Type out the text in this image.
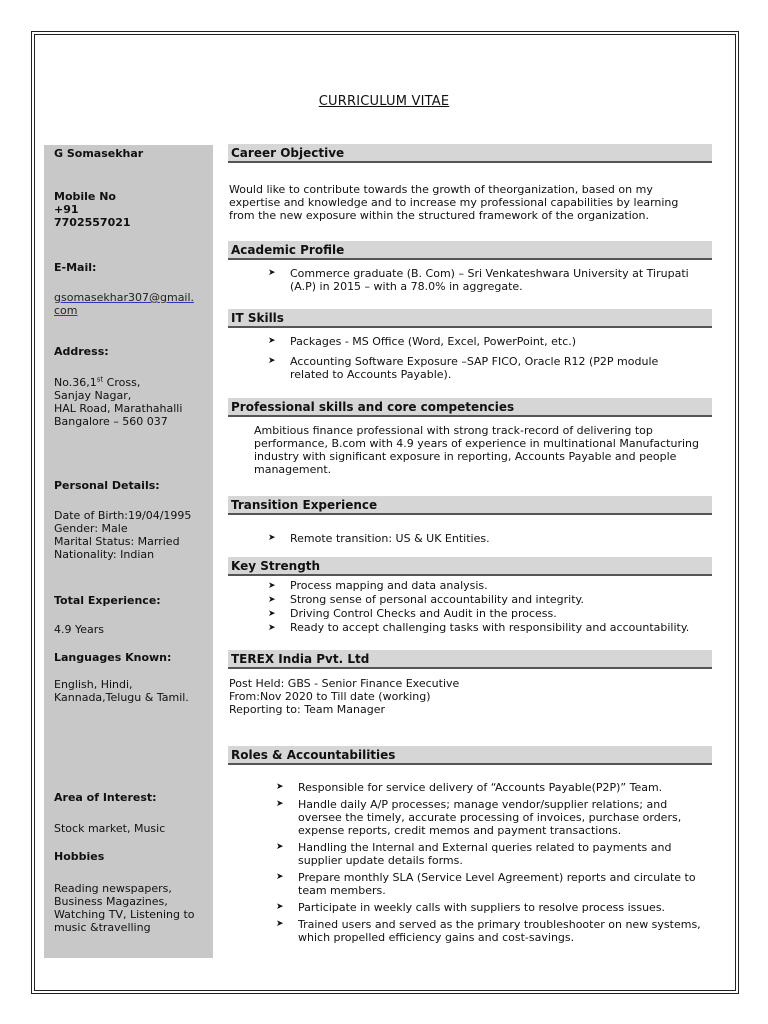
CURRICULUM VITAE
G Somasekhar
Mobile No
+91
7702557021
E-Mail:
gsomasekhar307@gmail.
com
Address:
No.36,1st Cross,
Sanjay Nagar,
HAL Road, Marathahalli
Bangalore – 560 037
Personal Details:
Date of Birth:19/04/1995
Gender: Male
Marital Status: Married
Nationality: Indian
Total Experience:
4.9 Years
Languages Known:
English, Hindi,
Kannada,Telugu & Tamil.
Area of Interest:
Stock market, Music
Hobbies
Reading newspapers,
Business Magazines,
Watching TV, Listening to
music &travelling
Career Objective
Would like to contribute towards the growth of theorganization, based on my
expertise and knowledge and to increase my professional capabilities by learning
from the new exposure within the structured framework of the organization.
Academic Profile
➤ Commerce graduate (B. Com) – Sri Venkateshwara University at Tirupati
(A.P) in 2015 – with a 78.0% in aggregate.
IT Skills
➤ Packages - MS Office (Word, Excel, PowerPoint, etc.)
➤ Accounting Software Exposure –SAP FICO, Oracle R12 (P2P module
related to Accounts Payable).
Professional skills and core competencies
Ambitious finance professional with strong track-record of delivering top
performance, B.com with 4.9 years of experience in multinational Manufacturing
industry with significant exposure in reporting, Accounts Payable and people
management.
Transition Experience
➤ Remote transition: US & UK Entities.
Key Strength
➤ Process mapping and data analysis.
➤ Strong sense of personal accountability and integrity.
➤ Driving Control Checks and Audit in the process.
➤ Ready to accept challenging tasks with responsibility and accountability.
TEREX India Pvt. Ltd
Post Held: GBS - Senior Finance Executive
From:Nov 2020 to Till date (working)
Reporting to: Team Manager
Roles & Accountabilities
➤ Responsible for service delivery of “Accounts Payable(P2P)” Team.
➤ Handle daily A/P processes; manage vendor/supplier relations; and
oversee the timely, accurate processing of invoices, purchase orders,
expense reports, credit memos and payment transactions.
➤ Handling the Internal and External queries related to payments and
supplier update details forms.
➤ Prepare monthly SLA (Service Level Agreement) reports and circulate to
team members.
➤ Participate in weekly calls with suppliers to resolve process issues.
➤ Trained users and served as the primary troubleshooter on new systems,
which propelled efficiency gains and cost-savings.
